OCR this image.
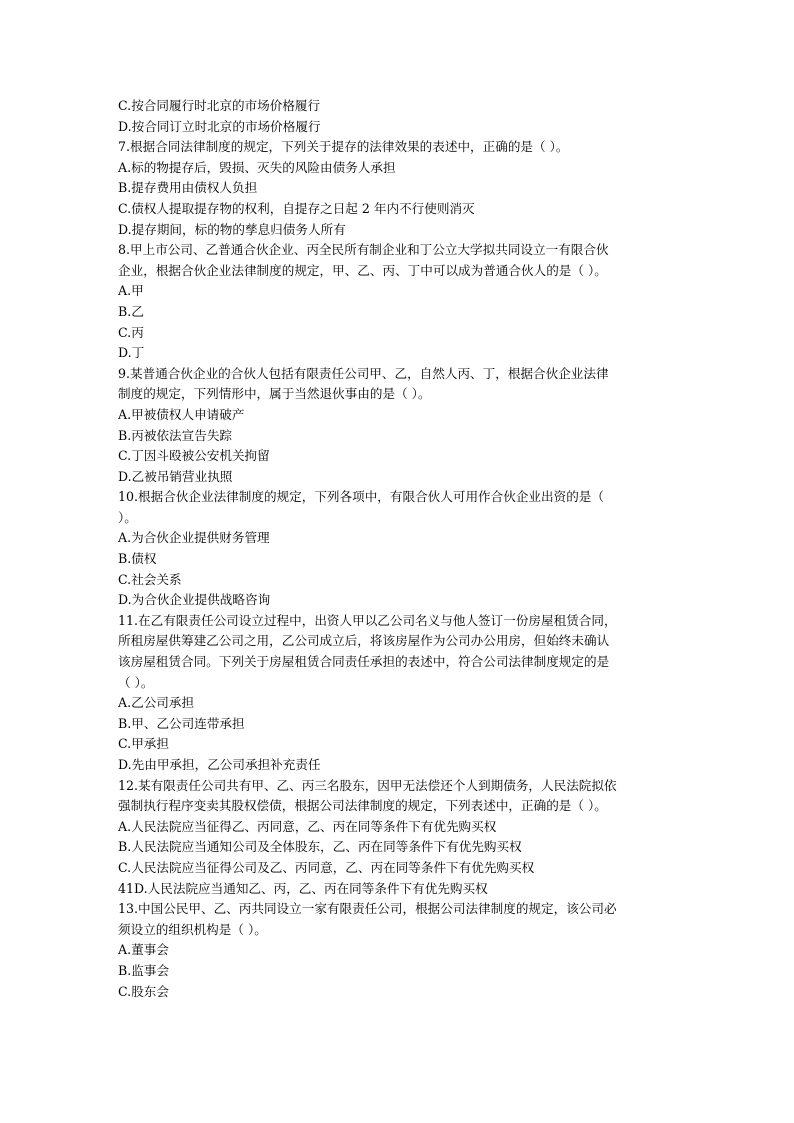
C.按合同履行时北京的市场价格履行
D.按合同订立时北京的市场价格履行
7.根据合同法律制度的规定，下列关于提存的法律效果的表述中，正确的是（ ）。
A.标的物提存后，毁损、灭失的风险由债务人承担
B.提存费用由债权人负担
C.债权人提取提存物的权利，自提存之日起 2 年内不行使则消灭
D.提存期间，标的物的孳息归债务人所有
8.甲上市公司、乙普通合伙企业、丙全民所有制企业和丁公立大学拟共同设立一有限合伙
企业，根据合伙企业法律制度的规定，甲、乙、丙、丁中可以成为普通合伙人的是（ ）。
A.甲
B.乙
C.丙
D.丁
9.某普通合伙企业的合伙人包括有限责任公司甲、乙，自然人丙、丁，根据合伙企业法律
制度的规定，下列情形中，属于当然退伙事由的是（ ）。
A.甲被债权人申请破产
B.丙被依法宣告失踪
C.丁因斗殴被公安机关拘留
D.乙被吊销营业执照
10.根据合伙企业法律制度的规定，下列各项中，有限合伙人可用作合伙企业出资的是（
）。
A.为合伙企业提供财务管理
B.债权
C.社会关系
D.为合伙企业提供战略咨询
11.在乙有限责任公司设立过程中，出资人甲以乙公司名义与他人签订一份房屋租赁合同，
所租房屋供筹建乙公司之用，乙公司成立后，将该房屋作为公司办公用房，但始终未确认
该房屋租赁合同。下列关于房屋租赁合同责任承担的表述中，符合公司法律制度规定的是
（ ）。
A.乙公司承担
B.甲、乙公司连带承担
C.甲承担
D.先由甲承担，乙公司承担补充责任
12.某有限责任公司共有甲、乙、丙三名股东，因甲无法偿还个人到期债务，人民法院拟依
强制执行程序变卖其股权偿债，根据公司法律制度的规定，下列表述中，正确的是（ ）。
A.人民法院应当征得乙、丙同意，乙、丙在同等条件下有优先购买权
B.人民法院应当通知公司及全体股东，乙、丙在同等条件下有优先购买权
C.人民法院应当征得公司及乙、丙同意，乙、丙在同等条件下有优先购买权
41D.人民法院应当通知乙、丙，乙、丙在同等条件下有优先购买权
13.中国公民甲、乙、丙共同设立一家有限责任公司，根据公司法律制度的规定，该公司必
须设立的组织机构是（ ）。
A.董事会
B.监事会
C.股东会
